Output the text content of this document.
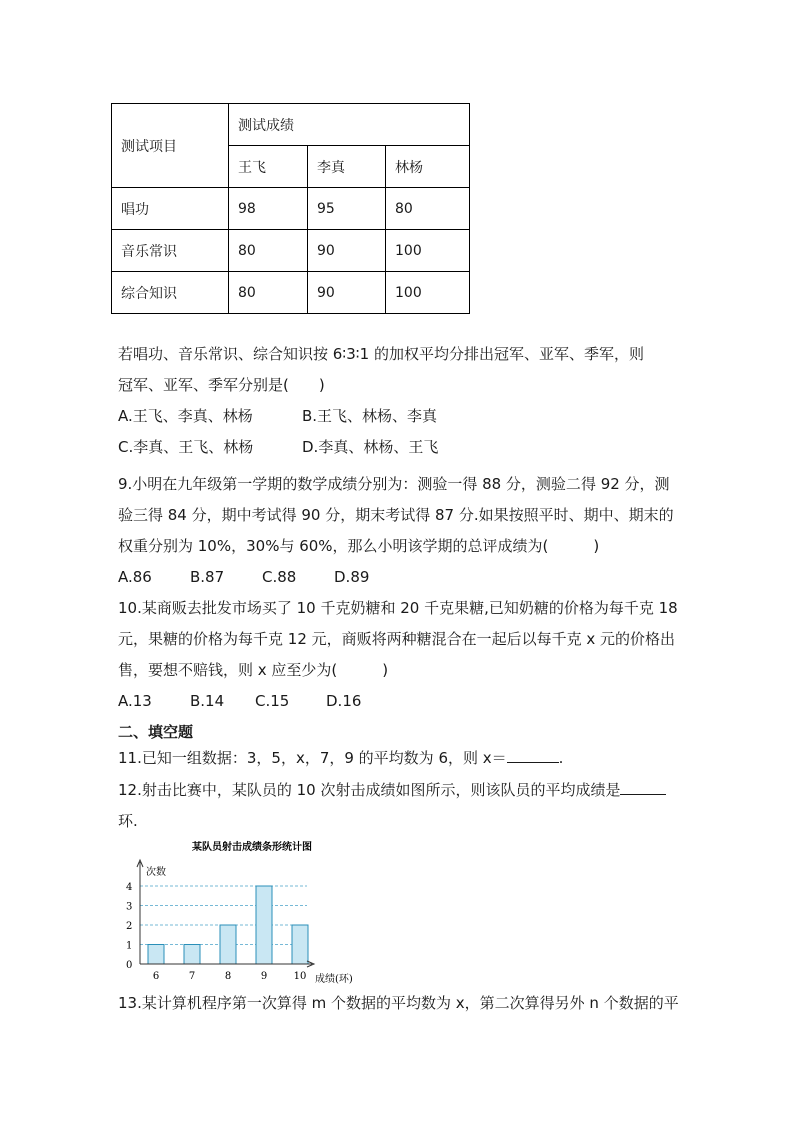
测试项目	测试成绩		
	王飞	李真	林杨
唱功	98	95	80
音乐常识	80	90	100
综合知识	80	90	100
若唱功、音乐常识、综合知识按 6∶3∶1 的加权平均分排出冠军、亚军、季军，则
冠军、亚军、季军分别是(　　)
A.王飞、李真、林杨	B.王飞、林杨、李真
C.李真、王飞、林杨	D.李真、林杨、王飞
9.小明在九年级第一学期的数学成绩分别为：测验一得 88 分，测验二得 92 分，测
验三得 84 分，期中考试得 90 分，期末考试得 87 分.如果按照平时、期中、期末的
权重分别为 10%，30%与 60%，那么小明该学期的总评成绩为(　　　)
A.86	B.87	C.88	D.89
10.某商贩去批发市场买了 10 千克奶糖和 20 千克果糖,已知奶糖的价格为每千克 18
元，果糖的价格为每千克 12 元，商贩将两种糖混合在一起后以每千克 x 元的价格出
售，要想不赔钱，则 x 应至少为(　　　)
A.13	B.14 C.15 D.16
二、填空题
11.已知一组数据：3，5，x，7，9 的平均数为 6，则 x＝	.
12.射击比赛中，某队员的 10 次射击成绩如图所示，则该队员的平均成绩是
环.
某队员射击成绩条形统计图
次数
成绩(环)
0
1
2
3
4
6	7	8	9	10
13.某计算机程序第一次算得 m 个数据的平均数为 x，第二次算得另外 n 个数据的平
